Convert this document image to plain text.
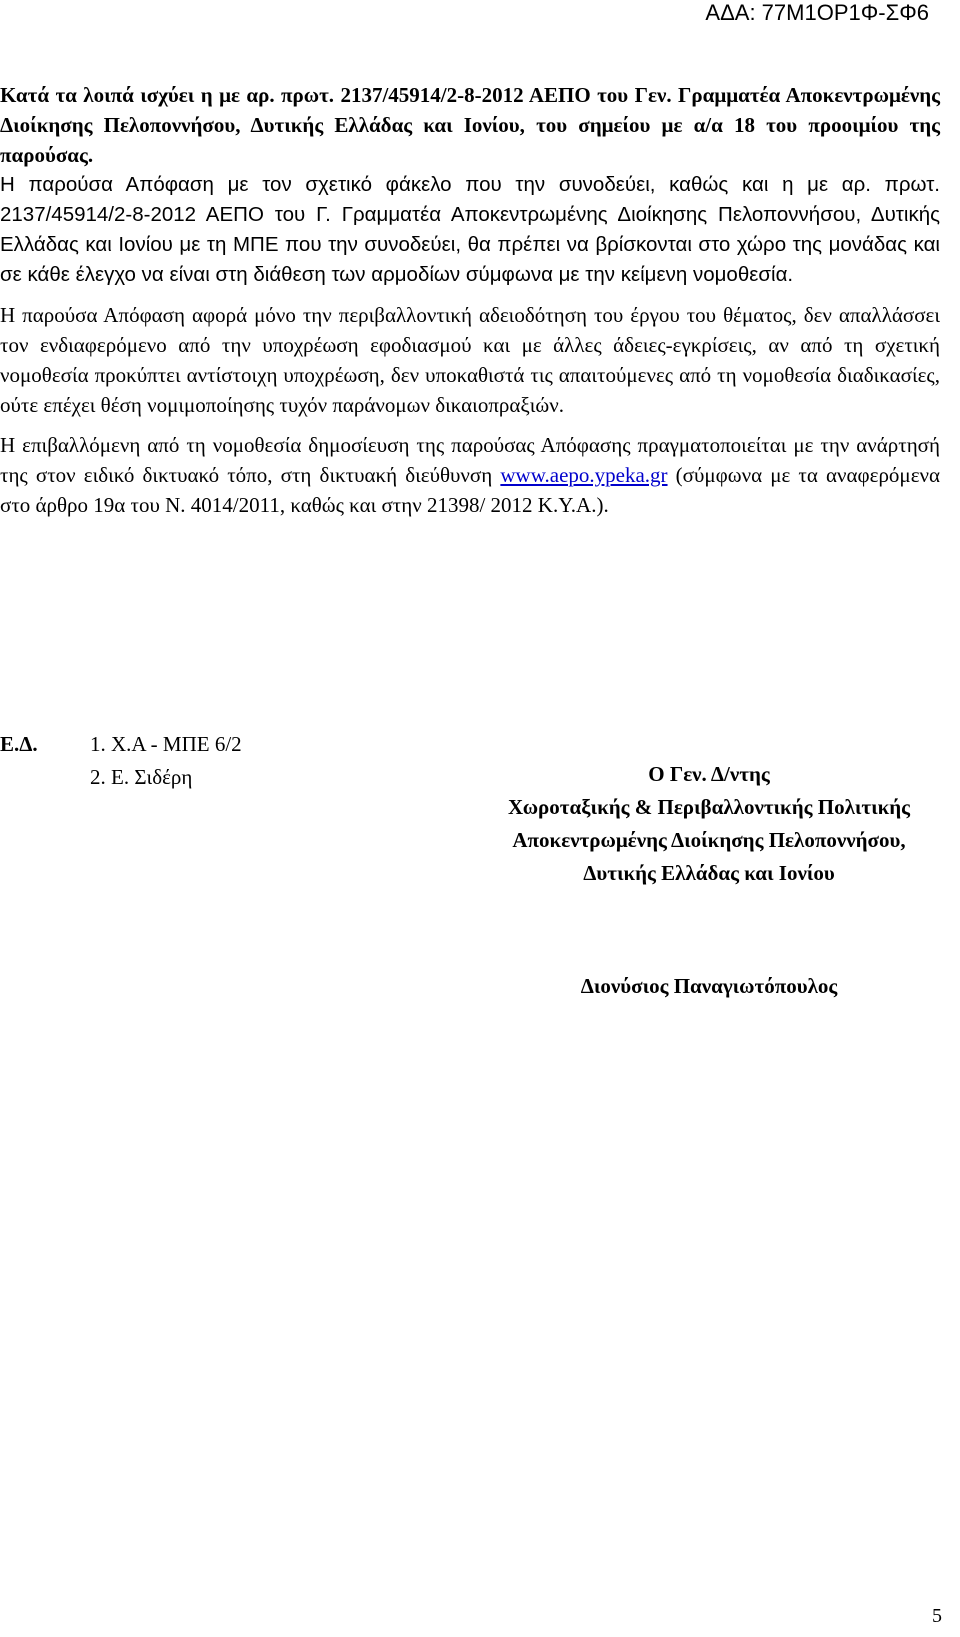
ΑΔΑ: 77Μ1ΟΡ1Φ-ΣΦ6

Κατά τα λοιπά ισχύει η με αρ. πρωτ. 2137/45914/2-8-2012 ΑΕΠΟ του Γεν. Γραμματέα Αποκεντρωμένης Διοίκησης Πελοποννήσου, Δυτικής Ελλάδας και Ιονίου, του σημείου με α/α 18 του προοιμίου της παρούσας.

Η παρούσα Απόφαση με τον σχετικό φάκελο που την συνοδεύει, καθώς και η με αρ. πρωτ. 2137/45914/2-8-2012 ΑΕΠΟ του Γ. Γραμματέα Αποκεντρωμένης Διοίκησης Πελοποννήσου, Δυτικής Ελλάδας και Ιονίου με τη ΜΠΕ που την συνοδεύει, θα πρέπει να βρίσκονται στο χώρο της μονάδας και σε κάθε έλεγχο να είναι στη διάθεση των αρμοδίων σύμφωνα με την κείμενη νομοθεσία.

Η παρούσα Απόφαση αφορά μόνο την περιβαλλοντική αδειοδότηση του έργου του θέματος, δεν απαλλάσσει τον ενδιαφερόμενο από την υποχρέωση εφοδιασμού και με άλλες άδειες-εγκρίσεις, αν από τη σχετική νομοθεσία προκύπτει αντίστοιχη υποχρέωση, δεν υποκαθιστά τις απαιτούμενες από τη νομοθεσία διαδικασίες, ούτε επέχει θέση νομιμοποίησης τυχόν παράνομων δικαιοπραξιών.

Η επιβαλλόμενη από τη νομοθεσία δημοσίευση της παρούσας Απόφασης πραγματοποιείται με την ανάρτησή της στον ειδικό δικτυακό τόπο, στη δικτυακή διεύθυνση www.aepo.ypeka.gr (σύμφωνα με τα αναφερόμενα στο άρθρο 19α του Ν. 4014/2011, καθώς και στην 21398/ 2012 Κ.Υ.Α.).

Ε.Δ.	1. Χ.Α - ΜΠΕ 6/2
2. Ε. Σιδέρη	Ο Γεν. Δ/ντης
Χωροταξικής & Περιβαλλοντικής Πολιτικής
Αποκεντρωμένης Διοίκησης Πελοποννήσου,
Δυτικής Ελλάδας και Ιονίου
Διονύσιος Παναγιωτόπουλος
5
